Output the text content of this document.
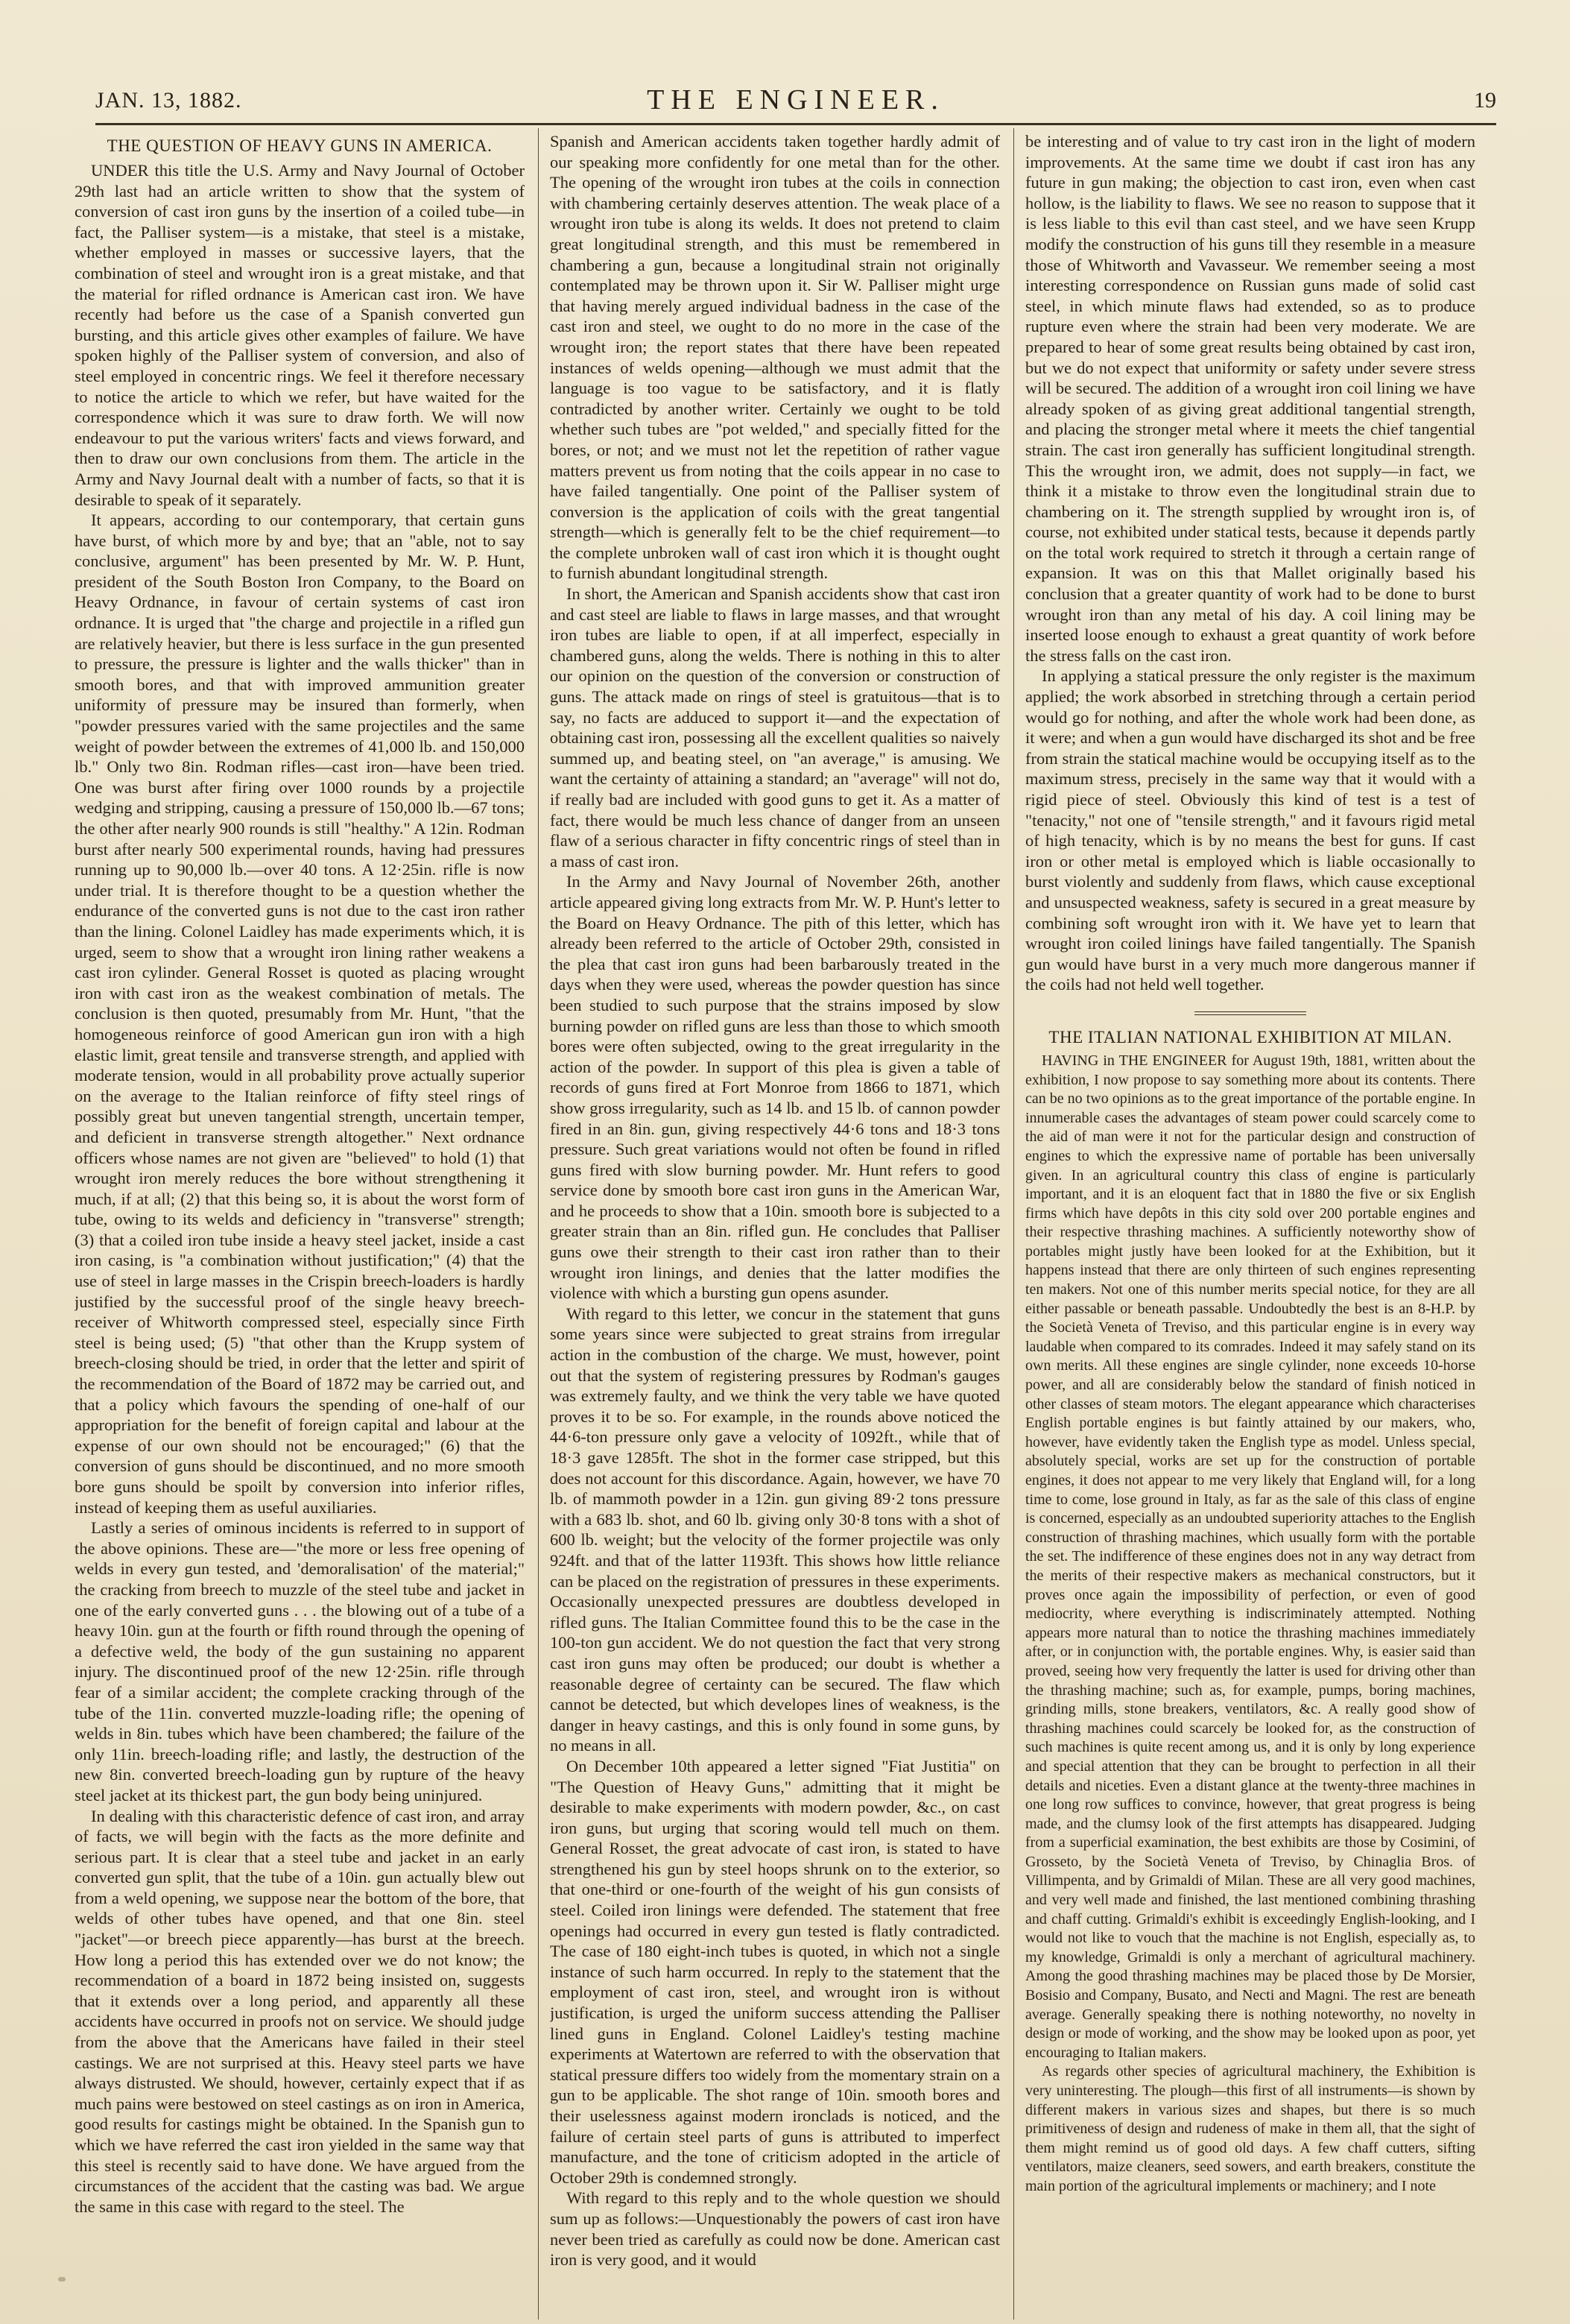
JAN. 13, 1882.	THE ENGINEER.	19
THE QUESTION OF HEAVY GUNS IN AMERICA.

UNDER this title the U.S. Army and Navy Journal of October 29th last had an article written to show that the system of conversion of cast iron guns by the insertion of a coiled tube—in fact, the Palliser system—is a mistake, that steel is a mistake, whether employed in masses or successive layers, that the combination of steel and wrought iron is a great mistake, and that the material for rifled ordnance is American cast iron. We have recently had before us the case of a Spanish converted gun bursting, and this article gives other examples of failure. We have spoken highly of the Palliser system of conversion, and also of steel employed in concentric rings. We feel it therefore necessary to notice the article to which we refer, but have waited for the correspondence which it was sure to draw forth. We will now endeavour to put the various writers' facts and views forward, and then to draw our own conclusions from them. The article in the Army and Navy Journal dealt with a number of facts, so that it is desirable to speak of it separately.

It appears, according to our contemporary, that certain guns have burst, of which more by and bye; that an "able, not to say conclusive, argument" has been presented by Mr. W. P. Hunt, president of the South Boston Iron Company, to the Board on Heavy Ordnance, in favour of certain systems of cast iron ordnance. It is urged that "the charge and projectile in a rifled gun are relatively heavier, but there is less surface in the gun presented to pressure, the pressure is lighter and the walls thicker" than in smooth bores, and that with improved ammunition greater uniformity of pressure may be insured than formerly, when "powder pressures varied with the same projectiles and the same weight of powder between the extremes of 41,000 lb. and 150,000 lb." Only two 8in. Rodman rifles—cast iron—have been tried. One was burst after firing over 1000 rounds by a projectile wedging and stripping, causing a pressure of 150,000 lb.—67 tons; the other after nearly 900 rounds is still "healthy." A 12in. Rodman burst after nearly 500 experimental rounds, having had pressures running up to 90,000 lb.—over 40 tons. A 12·25in. rifle is now under trial. It is therefore thought to be a question whether the endurance of the converted guns is not due to the cast iron rather than the lining. Colonel Laidley has made experiments which, it is urged, seem to show that a wrought iron lining rather weakens a cast iron cylinder. General Rosset is quoted as placing wrought iron with cast iron as the weakest combination of metals. The conclusion is then quoted, presumably from Mr. Hunt, "that the homogeneous reinforce of good American gun iron with a high elastic limit, great tensile and transverse strength, and applied with moderate tension, would in all probability prove actually superior on the average to the Italian reinforce of fifty steel rings of possibly great but uneven tangential strength, uncertain temper, and deficient in transverse strength altogether." Next ordnance officers whose names are not given are "believed" to hold (1) that wrought iron merely reduces the bore without strengthening it much, if at all; (2) that this being so, it is about the worst form of tube, owing to its welds and deficiency in "transverse" strength; (3) that a coiled iron tube inside a heavy steel jacket, inside a cast iron casing, is "a combination without justification;" (4) that the use of steel in large masses in the Crispin breech-loaders is hardly justified by the successful proof of the single heavy breech-receiver of Whitworth compressed steel, especially since Firth steel is being used; (5) "that other than the Krupp system of breech-closing should be tried, in order that the letter and spirit of the recommendation of the Board of 1872 may be carried out, and that a policy which favours the spending of one-half of our appropriation for the benefit of foreign capital and labour at the expense of our own should not be encouraged;" (6) that the conversion of guns should be discontinued, and no more smooth bore guns should be spoilt by conversion into inferior rifles, instead of keeping them as useful auxiliaries.

Lastly a series of ominous incidents is referred to in support of the above opinions. These are—"the more or less free opening of welds in every gun tested, and 'demoralisation' of the material;" the cracking from breech to muzzle of the steel tube and jacket in one of the early converted guns . . . the blowing out of a tube of a heavy 10in. gun at the fourth or fifth round through the opening of a defective weld, the body of the gun sustaining no apparent injury. The discontinued proof of the new 12·25in. rifle through fear of a similar accident; the complete cracking through of the tube of the 11in. converted muzzle-loading rifle; the opening of welds in 8in. tubes which have been chambered; the failure of the only 11in. breech-loading rifle; and lastly, the destruction of the new 8in. converted breech-loading gun by rupture of the heavy steel jacket at its thickest part, the gun body being uninjured.

In dealing with this characteristic defence of cast iron, and array of facts, we will begin with the facts as the more definite and serious part. It is clear that a steel tube and jacket in an early converted gun split, that the tube of a 10in. gun actually blew out from a weld opening, we suppose near the bottom of the bore, that welds of other tubes have opened, and that one 8in. steel "jacket"—or breech piece apparently—has burst at the breech. How long a period this has extended over we do not know; the recommendation of a board in 1872 being insisted on, suggests that it extends over a long period, and apparently all these accidents have occurred in proofs not on service. We should judge from the above that the Americans have failed in their steel castings. We are not surprised at this. Heavy steel parts we have always distrusted. We should, however, certainly expect that if as much pains were bestowed on steel castings as on iron in America, good results for castings might be obtained. In the Spanish gun to which we have referred the cast iron yielded in the same way that this steel is recently said to have done. We have argued from the circumstances of the accident that the casting was bad. We argue the same in this case with regard to the steel. The

Spanish and American accidents taken together hardly admit of our speaking more confidently for one metal than for the other. The opening of the wrought iron tubes at the coils in connection with chambering certainly deserves attention. The weak place of a wrought iron tube is along its welds. It does not pretend to claim great longitudinal strength, and this must be remembered in chambering a gun, because a longitudinal strain not originally contemplated may be thrown upon it. Sir W. Palliser might urge that having merely argued individual badness in the case of the cast iron and steel, we ought to do no more in the case of the wrought iron; the report states that there have been repeated instances of welds opening—although we must admit that the language is too vague to be satisfactory, and it is flatly contradicted by another writer. Certainly we ought to be told whether such tubes are "pot welded," and specially fitted for the bores, or not; and we must not let the repetition of rather vague matters prevent us from noting that the coils appear in no case to have failed tangentially. One point of the Palliser system of conversion is the application of coils with the great tangential strength—which is generally felt to be the chief requirement—to the complete unbroken wall of cast iron which it is thought ought to furnish abundant longitudinal strength.

In short, the American and Spanish accidents show that cast iron and cast steel are liable to flaws in large masses, and that wrought iron tubes are liable to open, if at all imperfect, especially in chambered guns, along the welds. There is nothing in this to alter our opinion on the question of the conversion or construction of guns. The attack made on rings of steel is gratuitous—that is to say, no facts are adduced to support it—and the expectation of obtaining cast iron, possessing all the excellent qualities so naively summed up, and beating steel, on "an average," is amusing. We want the certainty of attaining a standard; an "average" will not do, if really bad are included with good guns to get it. As a matter of fact, there would be much less chance of danger from an unseen flaw of a serious character in fifty concentric rings of steel than in a mass of cast iron.

In the Army and Navy Journal of November 26th, another article appeared giving long extracts from Mr. W. P. Hunt's letter to the Board on Heavy Ordnance. The pith of this letter, which has already been referred to the article of October 29th, consisted in the plea that cast iron guns had been barbarously treated in the days when they were used, whereas the powder question has since been studied to such purpose that the strains imposed by slow burning powder on rifled guns are less than those to which smooth bores were often subjected, owing to the great irregularity in the action of the powder. In support of this plea is given a table of records of guns fired at Fort Monroe from 1866 to 1871, which show gross irregularity, such as 14 lb. and 15 lb. of cannon powder fired in an 8in. gun, giving respectively 44·6 tons and 18·3 tons pressure. Such great variations would not often be found in rifled guns fired with slow burning powder. Mr. Hunt refers to good service done by smooth bore cast iron guns in the American War, and he proceeds to show that a 10in. smooth bore is subjected to a greater strain than an 8in. rifled gun. He concludes that Palliser guns owe their strength to their cast iron rather than to their wrought iron linings, and denies that the latter modifies the violence with which a bursting gun opens asunder.

With regard to this letter, we concur in the statement that guns some years since were subjected to great strains from irregular action in the combustion of the charge. We must, however, point out that the system of registering pressures by Rodman's gauges was extremely faulty, and we think the very table we have quoted proves it to be so. For example, in the rounds above noticed the 44·6-ton pressure only gave a velocity of 1092ft., while that of 18·3 gave 1285ft. The shot in the former case stripped, but this does not account for this discordance. Again, however, we have 70 lb. of mammoth powder in a 12in. gun giving 89·2 tons pressure with a 683 lb. shot, and 60 lb. giving only 30·8 tons with a shot of 600 lb. weight; but the velocity of the former projectile was only 924ft. and that of the latter 1193ft. This shows how little reliance can be placed on the registration of pressures in these experiments. Occasionally unexpected pressures are doubtless developed in rifled guns. The Italian Committee found this to be the case in the 100-ton gun accident. We do not question the fact that very strong cast iron guns may often be produced; our doubt is whether a reasonable degree of certainty can be secured. The flaw which cannot be detected, but which developes lines of weakness, is the danger in heavy castings, and this is only found in some guns, by no means in all.

On December 10th appeared a letter signed "Fiat Justitia" on "The Question of Heavy Guns," admitting that it might be desirable to make experiments with modern powder, &c., on cast iron guns, but urging that scoring would tell much on them. General Rosset, the great advocate of cast iron, is stated to have strengthened his gun by steel hoops shrunk on to the exterior, so that one-third or one-fourth of the weight of his gun consists of steel. Coiled iron linings were defended. The statement that free openings had occurred in every gun tested is flatly contradicted. The case of 180 eight-inch tubes is quoted, in which not a single instance of such harm occurred. In reply to the statement that the employment of cast iron, steel, and wrought iron is without justification, is urged the uniform success attending the Palliser lined guns in England. Colonel Laidley's testing machine experiments at Watertown are referred to with the observation that statical pressure differs too widely from the momentary strain on a gun to be applicable. The shot range of 10in. smooth bores and their uselessness against modern ironclads is noticed, and the failure of certain steel parts of guns is attributed to imperfect manufacture, and the tone of criticism adopted in the article of October 29th is condemned strongly.

With regard to this reply and to the whole question we should sum up as follows:—Unquestionably the powers of cast iron have never been tried as carefully as could now be done. American cast iron is very good, and it would

be interesting and of value to try cast iron in the light of modern improvements. At the same time we doubt if cast iron has any future in gun making; the objection to cast iron, even when cast hollow, is the liability to flaws. We see no reason to suppose that it is less liable to this evil than cast steel, and we have seen Krupp modify the construction of his guns till they resemble in a measure those of Whitworth and Vavasseur. We remember seeing a most interesting correspondence on Russian guns made of solid cast steel, in which minute flaws had extended, so as to produce rupture even where the strain had been very moderate. We are prepared to hear of some great results being obtained by cast iron, but we do not expect that uniformity or safety under severe stress will be secured. The addition of a wrought iron coil lining we have already spoken of as giving great additional tangential strength, and placing the stronger metal where it meets the chief tangential strain. The cast iron generally has sufficient longitudinal strength. This the wrought iron, we admit, does not supply—in fact, we think it a mistake to throw even the longitudinal strain due to chambering on it. The strength supplied by wrought iron is, of course, not exhibited under statical tests, because it depends partly on the total work required to stretch it through a certain range of expansion. It was on this that Mallet originally based his conclusion that a greater quantity of work had to be done to burst wrought iron than any metal of his day. A coil lining may be inserted loose enough to exhaust a great quantity of work before the stress falls on the cast iron.

In applying a statical pressure the only register is the maximum applied; the work absorbed in stretching through a certain period would go for nothing, and after the whole work had been done, as it were; and when a gun would have discharged its shot and be free from strain the statical machine would be occupying itself as to the maximum stress, precisely in the same way that it would with a rigid piece of steel. Obviously this kind of test is a test of "tenacity," not one of "tensile strength," and it favours rigid metal of high tenacity, which is by no means the best for guns. If cast iron or other metal is employed which is liable occasionally to burst violently and suddenly from flaws, which cause exceptional and unsuspected weakness, safety is secured in a great measure by combining soft wrought iron with it. We have yet to learn that wrought iron coiled linings have failed tangentially. The Spanish gun would have burst in a very much more dangerous manner if the coils had not held well together.

THE ITALIAN NATIONAL EXHIBITION AT MILAN.

HAVING in THE ENGINEER for August 19th, 1881, written about the exhibition, I now propose to say something more about its contents. There can be no two opinions as to the great importance of the portable engine. In innumerable cases the advantages of steam power could scarcely come to the aid of man were it not for the particular design and construction of engines to which the expressive name of portable has been universally given. In an agricultural country this class of engine is particularly important, and it is an eloquent fact that in 1880 the five or six English firms which have depôts in this city sold over 200 portable engines and their respective thrashing machines. A sufficiently noteworthy show of portables might justly have been looked for at the Exhibition, but it happens instead that there are only thirteen of such engines representing ten makers. Not one of this number merits special notice, for they are all either passable or beneath passable. Undoubtedly the best is an 8-H.P. by the Società Veneta of Treviso, and this particular engine is in every way laudable when compared to its comrades. Indeed it may safely stand on its own merits. All these engines are single cylinder, none exceeds 10-horse power, and all are considerably below the standard of finish noticed in other classes of steam motors. The elegant appearance which characterises English portable engines is but faintly attained by our makers, who, however, have evidently taken the English type as model. Unless special, absolutely special, works are set up for the construction of portable engines, it does not appear to me very likely that England will, for a long time to come, lose ground in Italy, as far as the sale of this class of engine is concerned, especially as an undoubted superiority attaches to the English construction of thrashing machines, which usually form with the portable the set. The indifference of these engines does not in any way detract from the merits of their respective makers as mechanical constructors, but it proves once again the impossibility of perfection, or even of good mediocrity, where everything is indiscriminately attempted. Nothing appears more natural than to notice the thrashing machines immediately after, or in conjunction with, the portable engines. Why, is easier said than proved, seeing how very frequently the latter is used for driving other than the thrashing machine; such as, for example, pumps, boring machines, grinding mills, stone breakers, ventilators, &c. A really good show of thrashing machines could scarcely be looked for, as the construction of such machines is quite recent among us, and it is only by long experience and special attention that they can be brought to perfection in all their details and niceties. Even a distant glance at the twenty-three machines in one long row suffices to convince, however, that great progress is being made, and the clumsy look of the first attempts has disappeared. Judging from a superficial examination, the best exhibits are those by Cosimini, of Grosseto, by the Società Veneta of Treviso, by Chinaglia Bros. of Villimpenta, and by Grimaldi of Milan. These are all very good machines, and very well made and finished, the last mentioned combining thrashing and chaff cutting. Grimaldi's exhibit is exceedingly English-looking, and I would not like to vouch that the machine is not English, especially as, to my knowledge, Grimaldi is only a merchant of agricultural machinery. Among the good thrashing machines may be placed those by De Morsier, Bosisio and Company, Busato, and Necti and Magni. The rest are beneath average. Generally speaking there is nothing noteworthy, no novelty in design or mode of working, and the show may be looked upon as poor, yet encouraging to Italian makers.

As regards other species of agricultural machinery, the Exhibition is very uninteresting. The plough—this first of all instruments—is shown by different makers in various sizes and shapes, but there is so much primitiveness of design and rudeness of make in them all, that the sight of them might remind us of good old days. A few chaff cutters, sifting ventilators, maize cleaners, seed sowers, and earth breakers, constitute the main portion of the agricultural implements or machinery; and I note
